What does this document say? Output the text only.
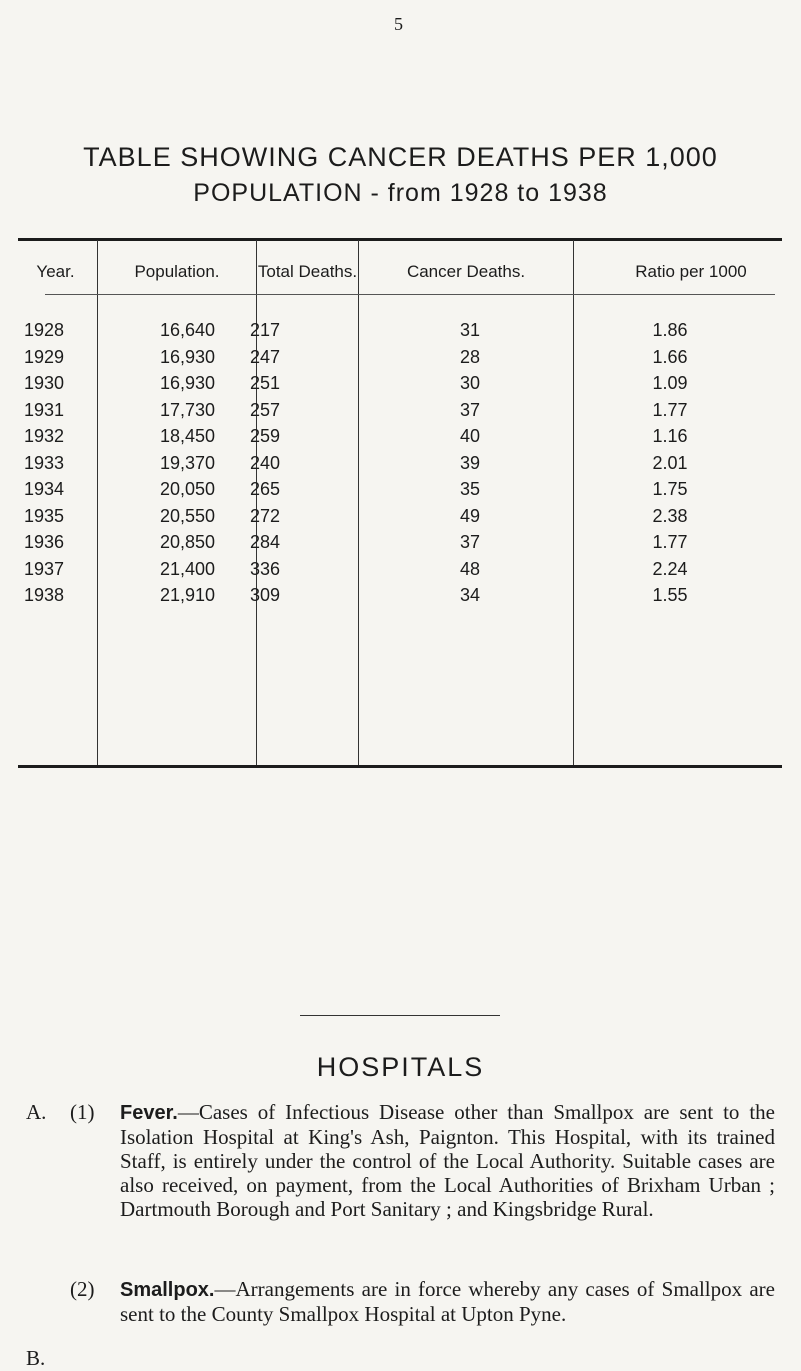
5
TABLE SHOWING CANCER DEATHS PER 1,000
POPULATION - from 1928 to 1938
Year.	Population.	Total Deaths.	Cancer Deaths.	Ratio per 1000
1928	16,640	217	31	1.86
1929	16,930	247	28	1.66
1930	16,930	251	30	1.09
1931	17,730	257	37	1.77
1932	18,450	259	40	1.16
1933	19,370	240	39	2.01
1934	20,050	265	35	1.75
1935	20,550	272	49	2.38
1936	20,850	284	37	1.77
1937	21,400	336	48	2.24
1938	21,910	309	34	1.55
HOSPITALS
A. (1) Fever.—Cases of Infectious Disease other than Smallpox are sent to the Isolation Hospital at King's Ash, Paignton. This Hospital, with its trained Staff, is entirely under the control of the Local Authority. Suitable cases are also received, on payment, from the Local Authorities of Brixham Urban ; Dartmouth Borough and Port Sanitary ; and Kingsbridge Rural.
(2) Smallpox.—Arrangements are in force whereby any cases of Smallpox are sent to the County Smallpox Hospital at Upton Pyne.
B.
